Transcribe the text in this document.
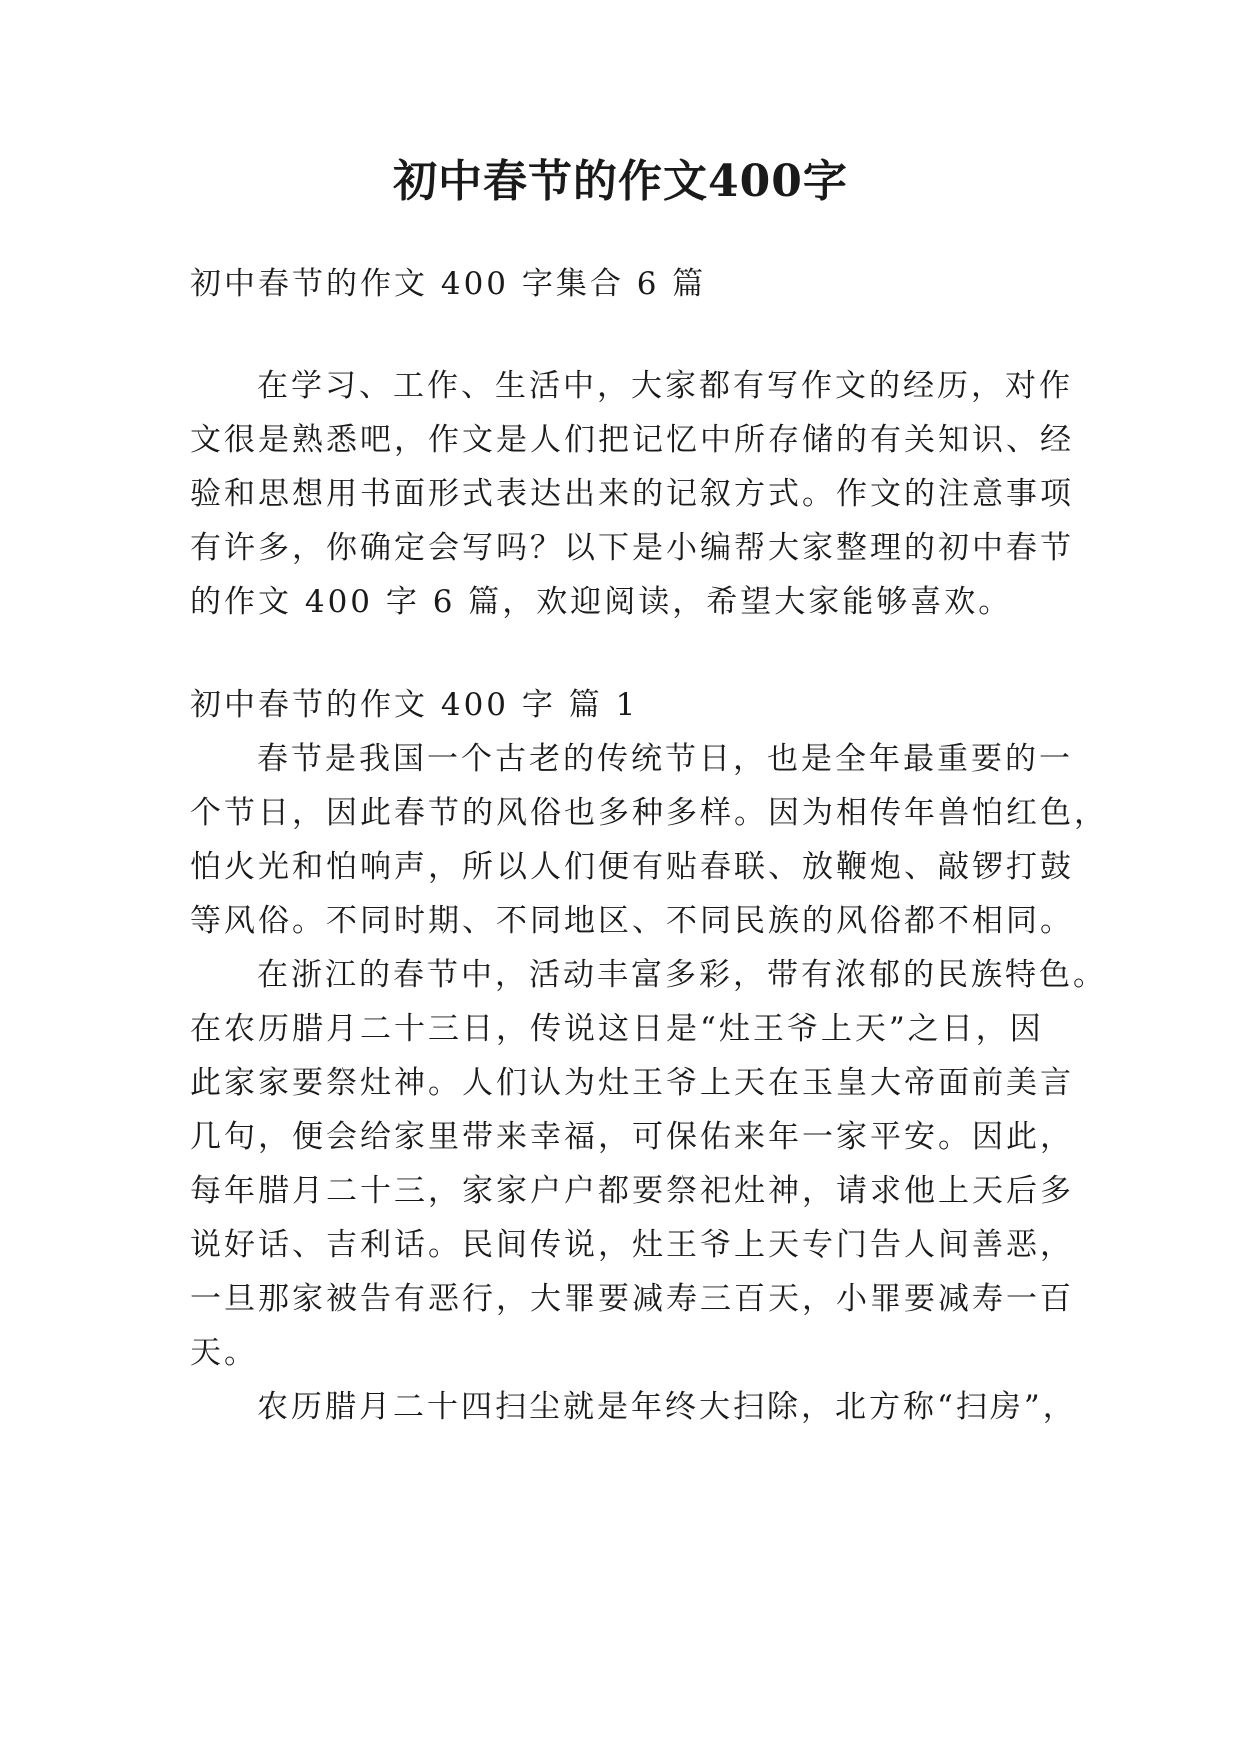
初中春节的作文400字
初中春节的作文 400 字集合 6 篇
在学习、工作、生活中，大家都有写作文的经历，对作
文很是熟悉吧，作文是人们把记忆中所存储的有关知识、经
验和思想用书面形式表达出来的记叙方式。作文的注意事项
有许多，你确定会写吗？以下是小编帮大家整理的初中春节
的作文 400 字 6 篇，欢迎阅读，希望大家能够喜欢。
初中春节的作文 400 字 篇 1
春节是我国一个古老的传统节日，也是全年最重要的一
个节日，因此春节的风俗也多种多样。因为相传年兽怕红色，
怕火光和怕响声，所以人们便有贴春联、放鞭炮、敲锣打鼓
等风俗。不同时期、不同地区、不同民族的风俗都不相同。
在浙江的春节中，活动丰富多彩，带有浓郁的民族特色。
在农历腊月二十三日，传说这日是“灶王爷上天”之日，因
此家家要祭灶神。人们认为灶王爷上天在玉皇大帝面前美言
几句，便会给家里带来幸福，可保佑来年一家平安。因此，
每年腊月二十三，家家户户都要祭祀灶神，请求他上天后多
说好话、吉利话。民间传说，灶王爷上天专门告人间善恶，
一旦那家被告有恶行，大罪要减寿三百天，小罪要减寿一百
天。
农历腊月二十四扫尘就是年终大扫除，北方称“扫房”，
